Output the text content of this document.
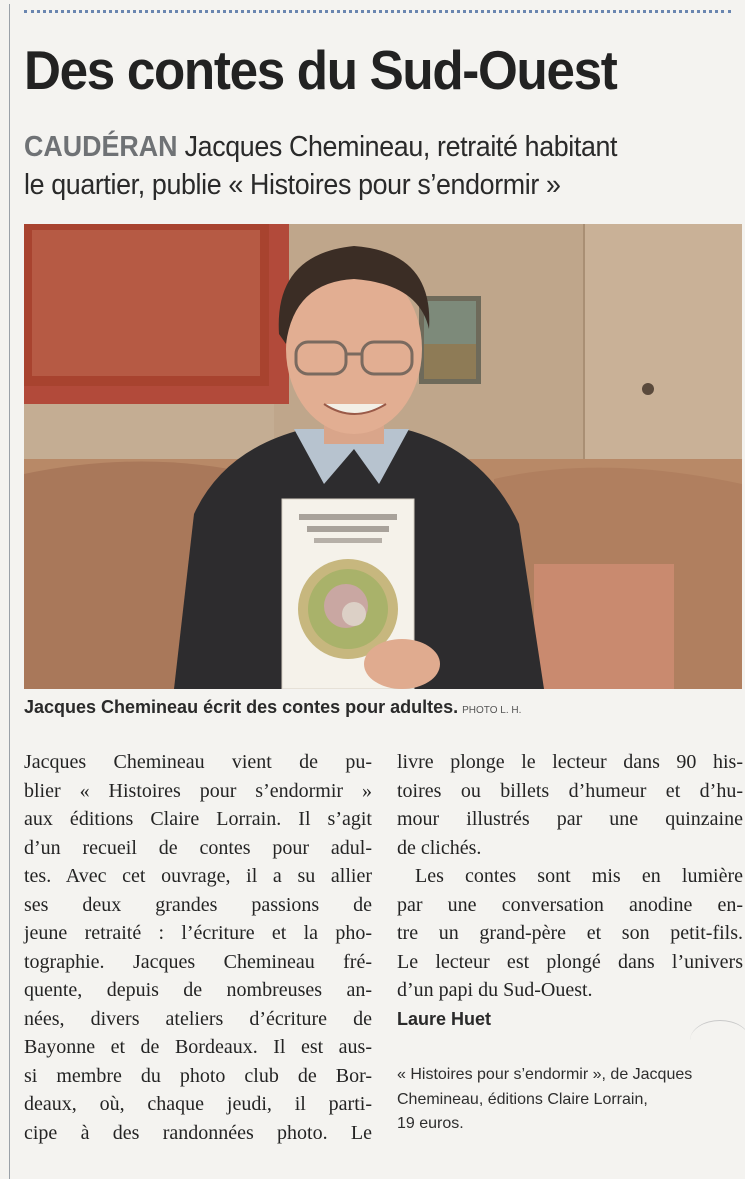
Des contes du Sud-Ouest
CAUDÉRAN Jacques Chemineau, retraité habitant
le quartier, publie « Histoires pour s’endormir »
Jacques Chemineau écrit des contes pour adultes. PHOTO L. H.
Jacques Chemineau vient de pu-
blier « Histoires pour s’endormir »
aux éditions Claire Lorrain. Il s’agit
d’un recueil de contes pour adul-
tes. Avec cet ouvrage, il a su allier
ses deux grandes passions de
jeune retraité : l’écriture et la pho-
tographie. Jacques Chemineau fré-
quente, depuis de nombreuses an-
nées, divers ateliers d’écriture de
Bayonne et de Bordeaux. Il est aus-
si membre du photo club de Bor-
deaux, où, chaque jeudi, il parti-
cipe à des randonnées photo. Le
livre plonge le lecteur dans 90 his-
toires ou billets d’humeur et d’hu-
mour illustrés par une quinzaine
de clichés.
Les contes sont mis en lumière
par une conversation anodine en-
tre un grand-père et son petit-fils.
Le lecteur est plongé dans l’univers
d’un papi du Sud-Ouest.
Laure Huet
« Histoires pour s’endormir », de Jacques
Chemineau, éditions Claire Lorrain,
19 euros.
